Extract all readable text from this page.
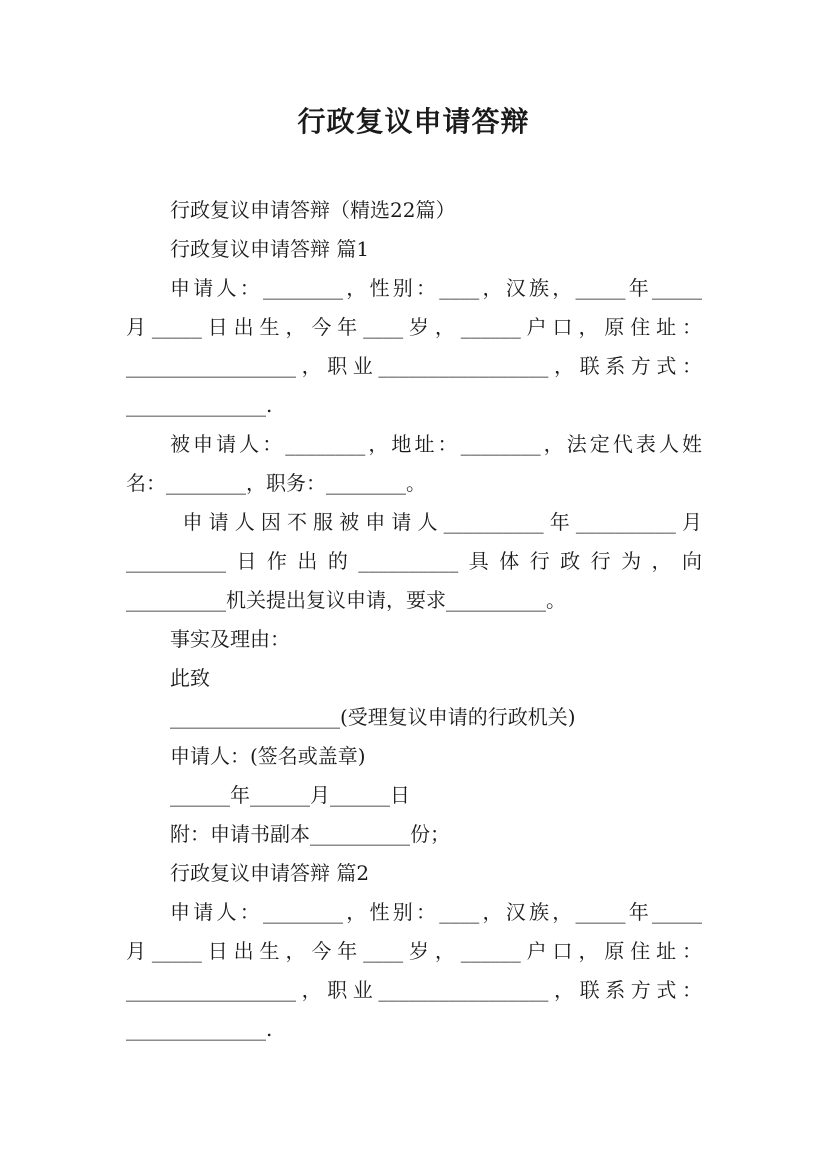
行政复议申请答辩
行政复议申请答辩（精选22篇）
行政复议申请答辩 篇1
申请人：________，性别：____，汉族，_____年_____
月_____日出生，今年____岁，______户口，原住址：
_________________，职业_________________，联系方式：
______________.
被申请人：________，地址：________，法定代表人姓
名：________，职务：________。
申请人因不服被申请人__________年__________月
__________日作出的__________具体行政行为，向
__________机关提出复议申请，要求__________。
事实及理由：
此致
_________________(受理复议申请的行政机关)
申请人：(签名或盖章)
______年______月______日
附：申请书副本__________份；
行政复议申请答辩 篇2
申请人：________，性别：____，汉族，_____年_____
月_____日出生，今年____岁，______户口，原住址：
_________________，职业_________________，联系方式：
______________.
